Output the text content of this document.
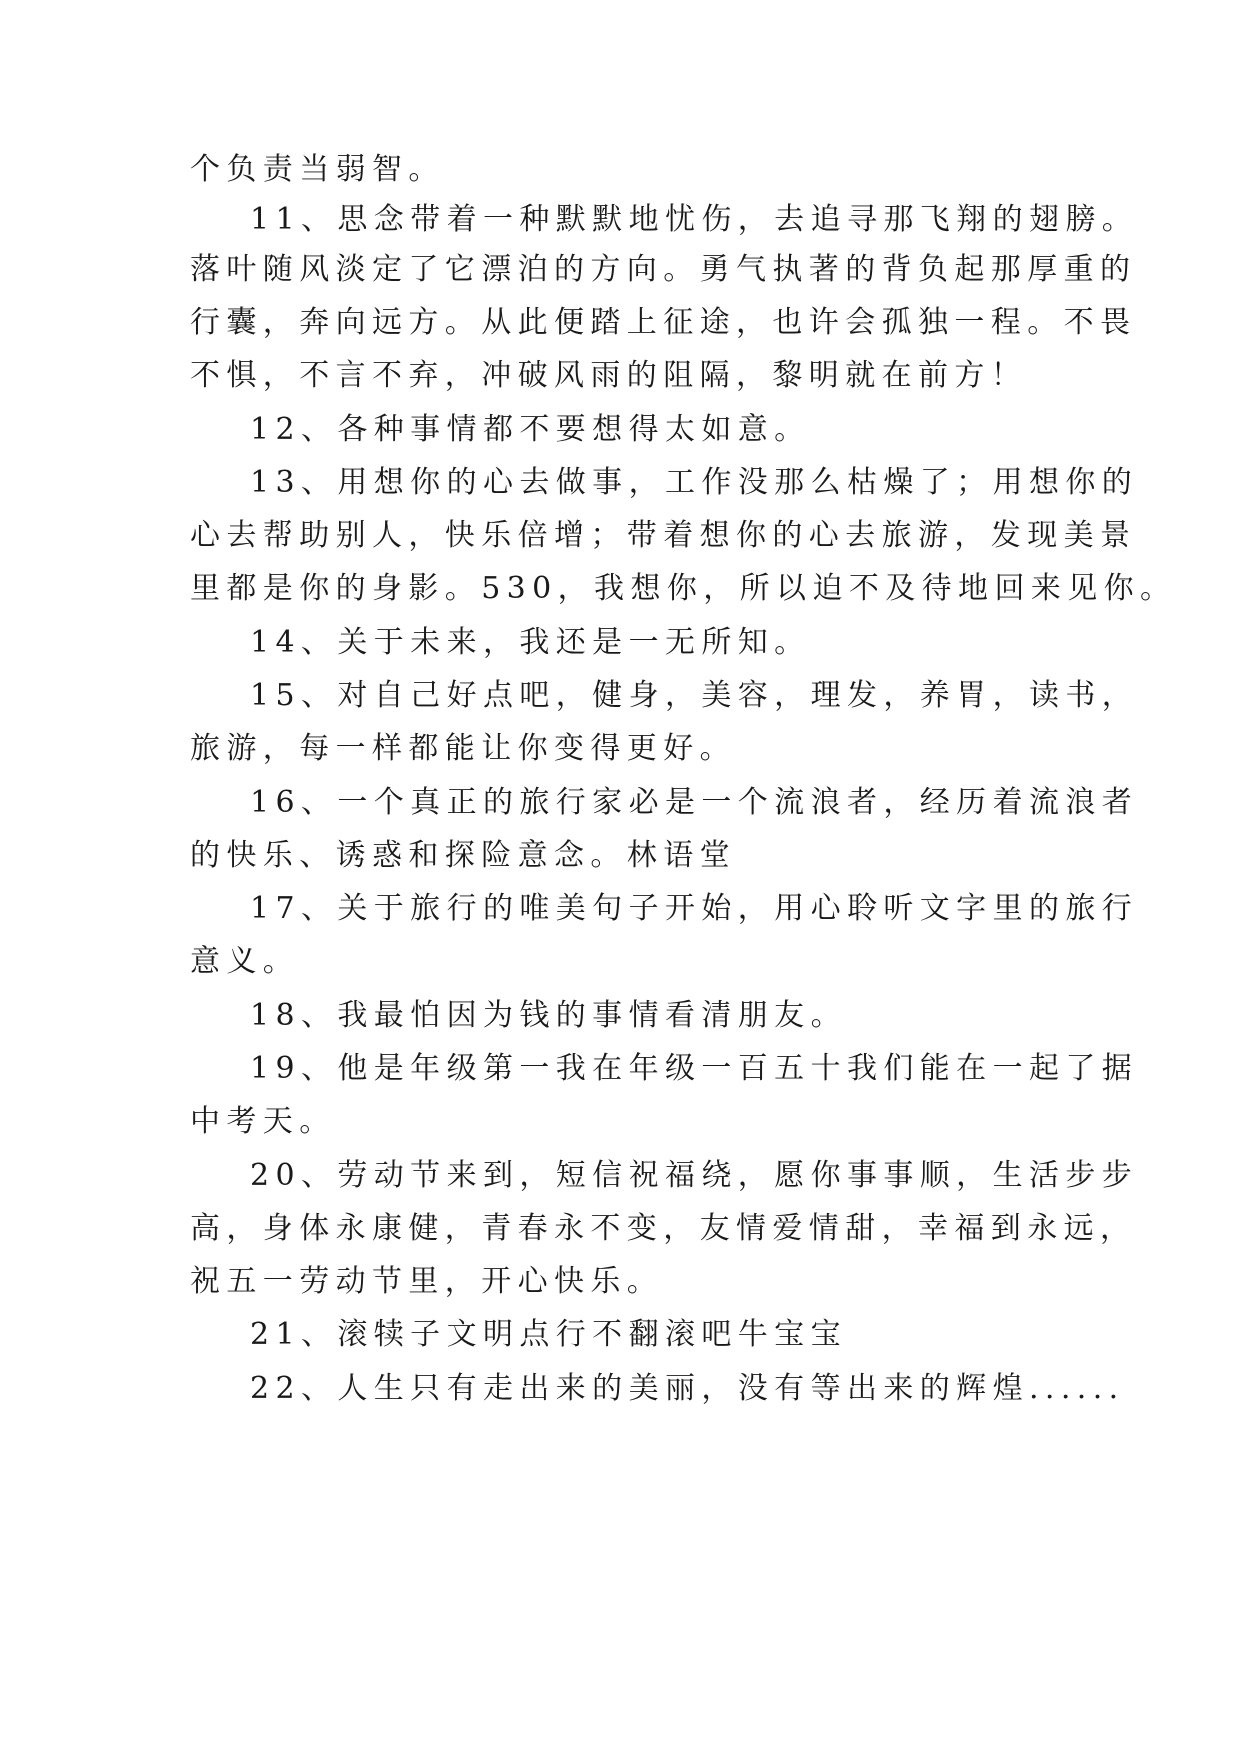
个负责当弱智。
11、思念带着一种默默地忧伤，去追寻那飞翔的翅膀。
落叶随风淡定了它漂泊的方向。勇气执著的背负起那厚重的
行囊，奔向远方。从此便踏上征途，也许会孤独一程。不畏
不惧，不言不弃，冲破风雨的阻隔，黎明就在前方！
12、各种事情都不要想得太如意。
13、用想你的心去做事，工作没那么枯燥了；用想你的
心去帮助别人，快乐倍增；带着想你的心去旅游，发现美景
里都是你的身影。530，我想你，所以迫不及待地回来见你。
14、关于未来，我还是一无所知。
15、对自己好点吧，健身，美容，理发，养胃，读书，
旅游，每一样都能让你变得更好。
16、一个真正的旅行家必是一个流浪者，经历着流浪者
的快乐、诱惑和探险意念。林语堂
17、关于旅行的唯美句子开始，用心聆听文字里的旅行
意义。
18、我最怕因为钱的事情看清朋友。
19、他是年级第一我在年级一百五十我们能在一起了据
中考天。
20、劳动节来到，短信祝福绕，愿你事事顺，生活步步
高，身体永康健，青春永不变，友情爱情甜，幸福到永远，
祝五一劳动节里，开心快乐。
21、滚犊子文明点行不翻滚吧牛宝宝
22、人生只有走出来的美丽，没有等出来的辉煌......
